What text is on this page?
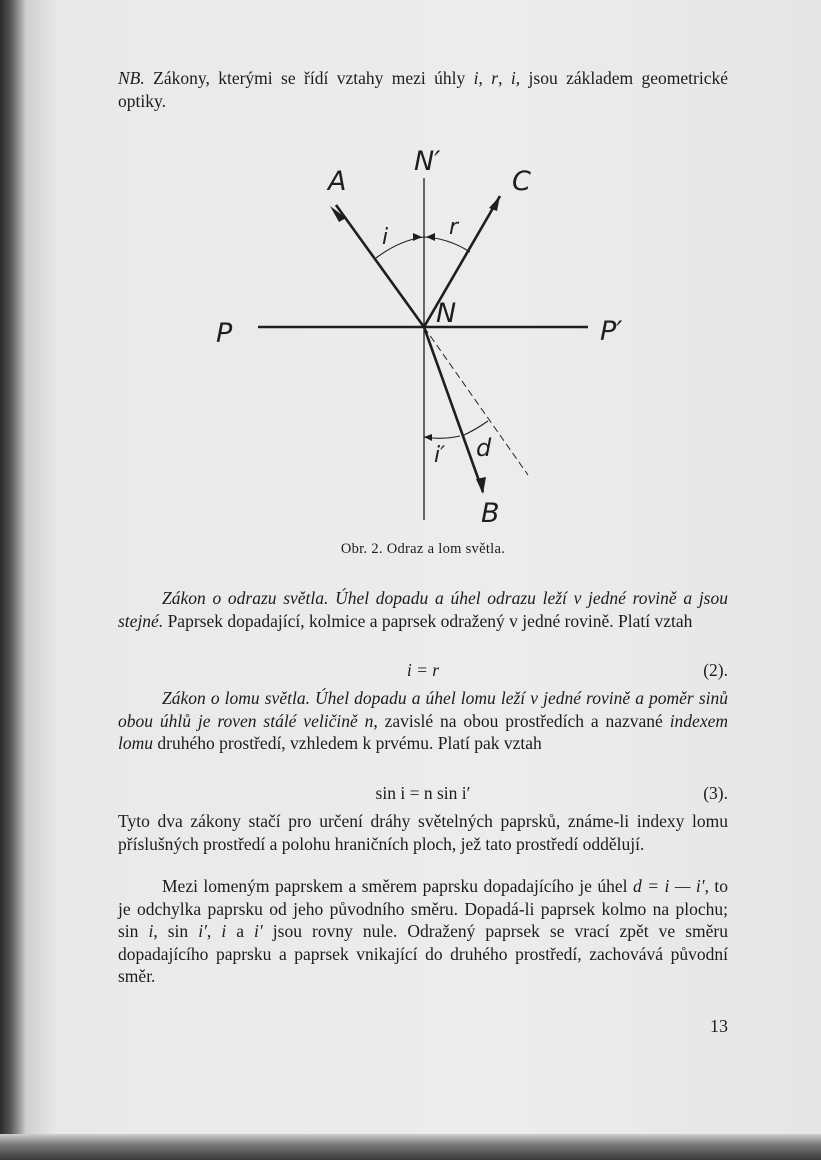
NB. Zákony, kterými se řídí vztahy mezi úhly i, r, i, jsou základem geometrické optiky.

N′
A	C
i	r
N
P	P′
i′ d
B
Obr. 2. Odraz a lom světla.

Zákon o odrazu světla. Úhel dopadu a úhel odrazu leží v jedné rovině a jsou stejné. Paprsek dopadající, kolmice a paprsek odražený v jedné rovině. Platí vztah

i = r	(2).

Zákon o lomu světla. Úhel dopadu a úhel lomu leží v jedné rovině a poměr sinů obou úhlů je roven stálé veličině n, zavislé na obou prostředích a nazvané indexem lomu druhého prostředí, vzhledem k prvému. Platí pak vztah

sin i = n sin i′	(3).

Tyto dva zákony stačí pro určení dráhy světelných paprsků, známe-li indexy lomu příslušných prostředí a polohu hraničních ploch, jež tato prostředí oddělují.

Mezi lomeným paprskem a směrem paprsku dopadajícího je úhel d = i — i′, to je odchylka paprsku od jeho původního směru. Dopadá-li paprsek kolmo na plochu; sin i, sin i′, i a i′ jsou rovny nule. Odražený paprsek se vrací zpět ve směru dopadajícího paprsku a paprsek vnikající do druhého prostředí, zachovává původní směr.

13
